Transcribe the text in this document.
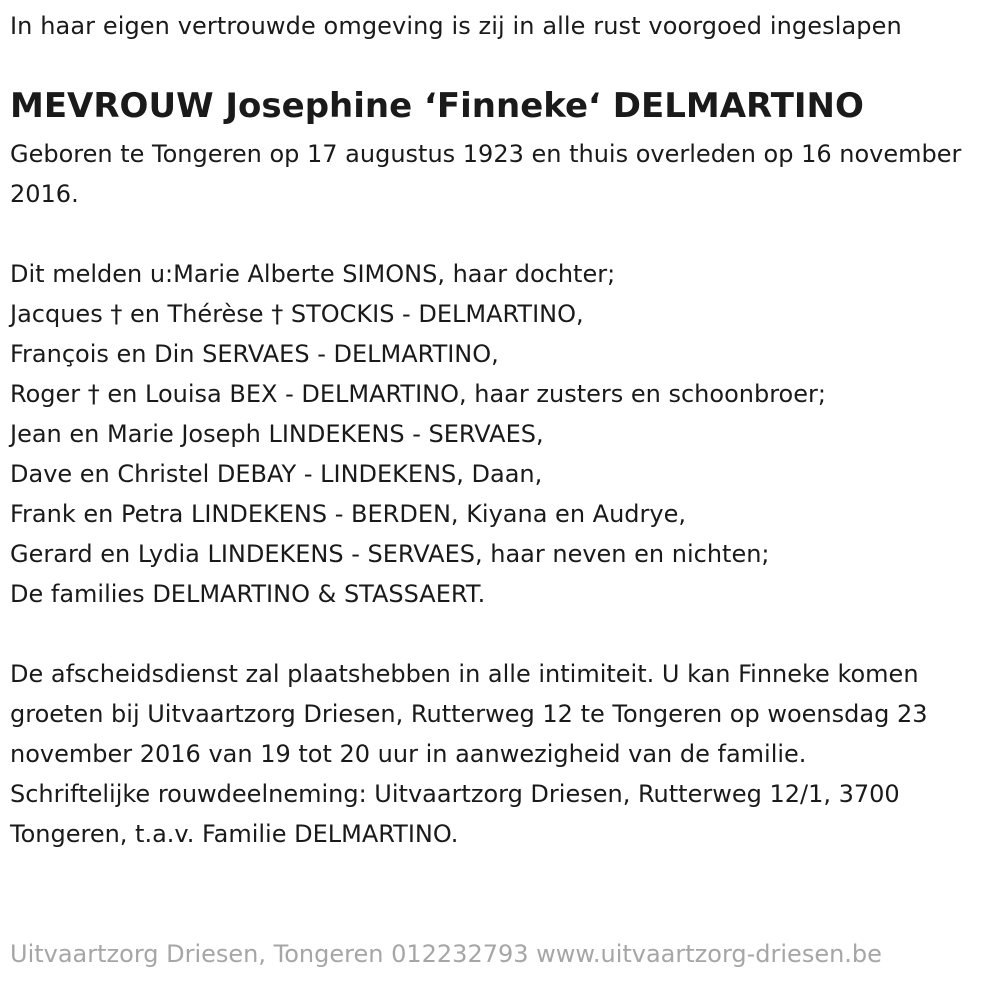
In haar eigen vertrouwde omgeving is zij in alle rust voorgoed ingeslapen
MEVROUW Josephine ‘Finneke‘ DELMARTINO
Geboren te Tongeren op 17 augustus 1923 en thuis overleden op 16 november 2016.
Dit melden u:Marie Alberte SIMONS, haar dochter;
Jacques † en Thérèse † STOCKIS - DELMARTINO,
François en Din SERVAES - DELMARTINO,
Roger † en Louisa BEX - DELMARTINO, haar zusters en schoonbroer;
Jean en Marie Joseph LINDEKENS - SERVAES,
Dave en Christel DEBAY - LINDEKENS, Daan,
Frank en Petra LINDEKENS - BERDEN, Kiyana en Audrye,
Gerard en Lydia LINDEKENS - SERVAES, haar neven en nichten;
De families DELMARTINO & STASSAERT.
De afscheidsdienst zal plaatshebben in alle intimiteit. U kan Finneke komen groeten bij Uitvaartzorg Driesen, Rutterweg 12 te Tongeren op woensdag 23 november 2016 van 19 tot 20 uur in aanwezigheid van de familie.
Schriftelijke rouwdeelneming: Uitvaartzorg Driesen, Rutterweg 12/1, 3700 Tongeren, t.a.v. Familie DELMARTINO.
Uitvaartzorg Driesen, Tongeren 012232793 www.uitvaartzorg-driesen.be
